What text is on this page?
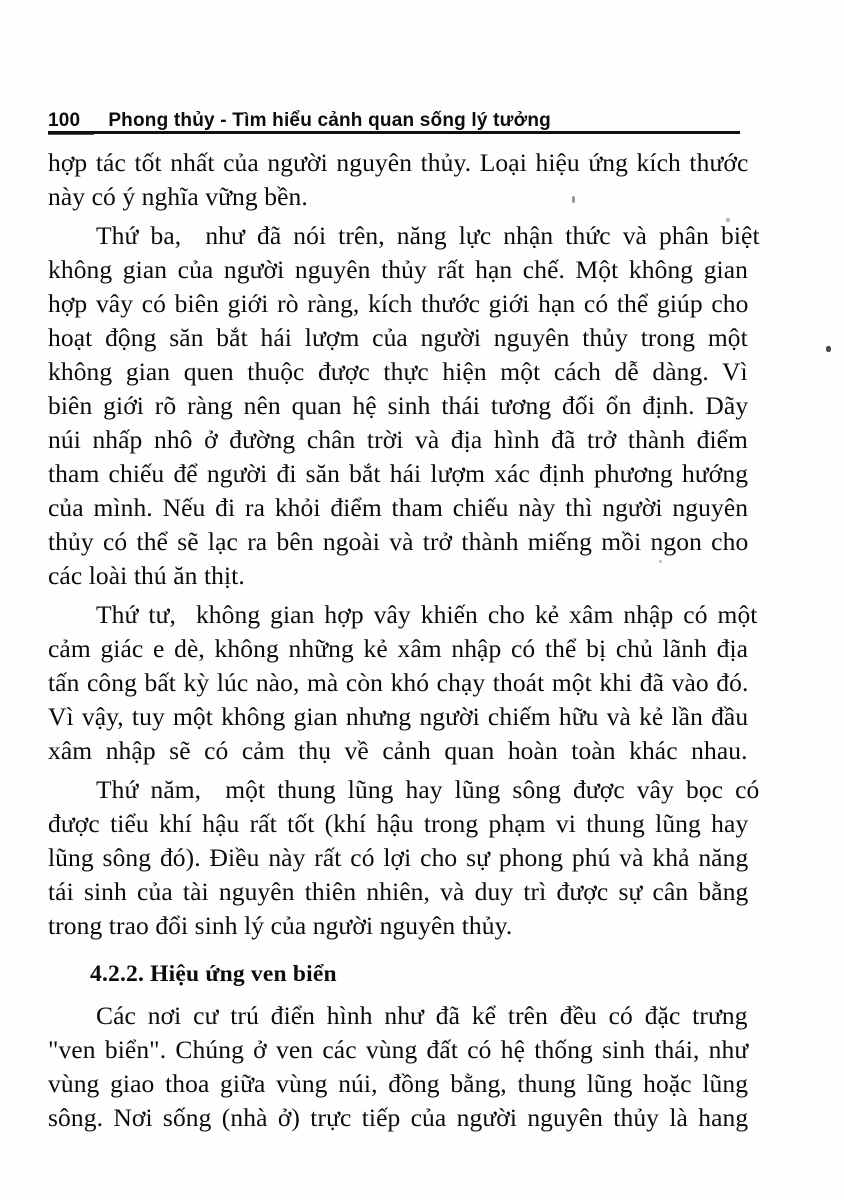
100 Phong thủy - Tìm hiểu cảnh quan sống lý tưởng
hợp tác tốt nhất của người nguyên thủy. Loại hiệu ứng kích thước
này có ý nghĩa vững bền.
Thứ ba,  như đã nói trên, năng lực nhận thức và phân biệt
không gian của người nguyên thủy rất hạn chế. Một không gian
hợp vây có biên giới rò ràng, kích thước giới hạn có thể giúp cho
hoạt động săn bắt hái lượm của người nguyên thủy trong một
không gian quen thuộc được thực hiện một cách dễ dàng. Vì
biên giới rõ ràng nên quan hệ sinh thái tương đối ổn định. Dãy
núi nhấp nhô ở đường chân trời và địa hình đã trở thành điểm
tham chiếu để người đi săn bắt hái lượm xác định phương hướng
của mình. Nếu đi ra khỏi điểm tham chiếu này thì người nguyên
thủy có thể sẽ lạc ra bên ngoài và trở thành miếng mồi ngon cho
các loài thú ăn thịt.
Thứ tư,  không gian hợp vây khiến cho kẻ xâm nhập có một
cảm giác e dè, không những kẻ xâm nhập có thể bị chủ lãnh địa
tấn công bất kỳ lúc nào, mà còn khó chạy thoát một khi đã vào đó.
Vì vậy, tuy một không gian nhưng người chiếm hữu và kẻ lần đầu
xâm nhập sẽ có cảm thụ về cảnh quan hoàn toàn khác nhau.
Thứ năm,  một thung lũng hay lũng sông được vây bọc có
được tiểu khí hậu rất tốt (khí hậu trong phạm vi thung lũng hay
lũng sông đó). Điều này rất có lợi cho sự phong phú và khả năng
tái sinh của tài nguyên thiên nhiên, và duy trì được sự cân bằng
trong trao đổi sinh lý của người nguyên thủy.
4.2.2. Hiệu ứng ven biển
Các nơi cư trú điển hình như đã kể trên đều có đặc trưng
"ven biển". Chúng ở ven các vùng đất có hệ thống sinh thái, như
vùng giao thoa giữa vùng núi, đồng bằng, thung lũng hoặc lũng
sông. Nơi sống (nhà ở) trực tiếp của người nguyên thủy là hang
